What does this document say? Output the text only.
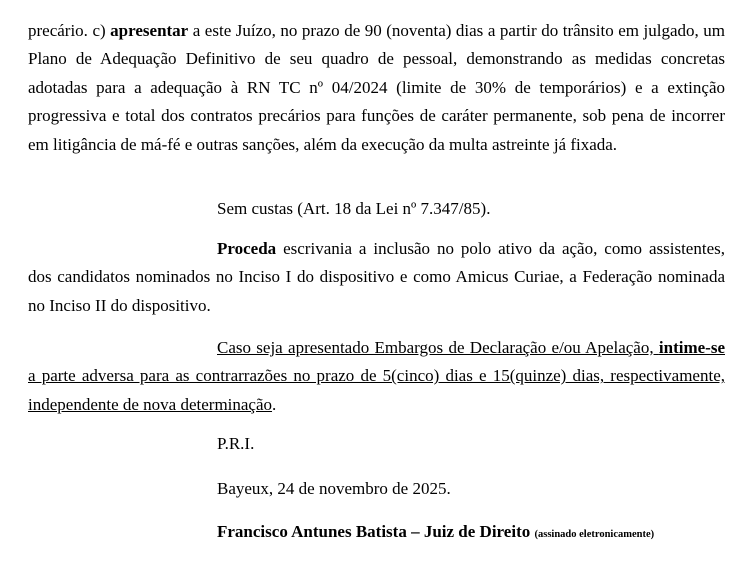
precário. c) apresentar a este Juízo, no prazo de 90 (noventa) dias a partir do trânsito em julgado, um Plano de Adequação Definitivo de seu quadro de pessoal, demonstrando as medidas concretas adotadas para a adequação à RN TC nº 04/2024 (limite de 30% de temporários) e a extinção progressiva e total dos contratos precários para funções de caráter permanente, sob pena de incorrer em litigância de má-fé e outras sanções, além da execução da multa astreinte já fixada.

Sem custas (Art. 18 da Lei nº 7.347/85).

Proceda escrivania a inclusão no polo ativo da ação, como assistentes, dos candidatos nominados no Inciso I do dispositivo e como Amicus Curiae, a Federação nominada no Inciso II do dispositivo.

Caso seja apresentado Embargos de Declaração e/ou Apelação, intime-se a parte adversa para as contrarrazões no prazo de 5(cinco) dias e 15(quinze) dias, respectivamente, independente de nova determinação.

P.R.I.

Bayeux, 24 de novembro de 2025.

Francisco Antunes Batista – Juiz de Direito (assinado eletronicamente)
